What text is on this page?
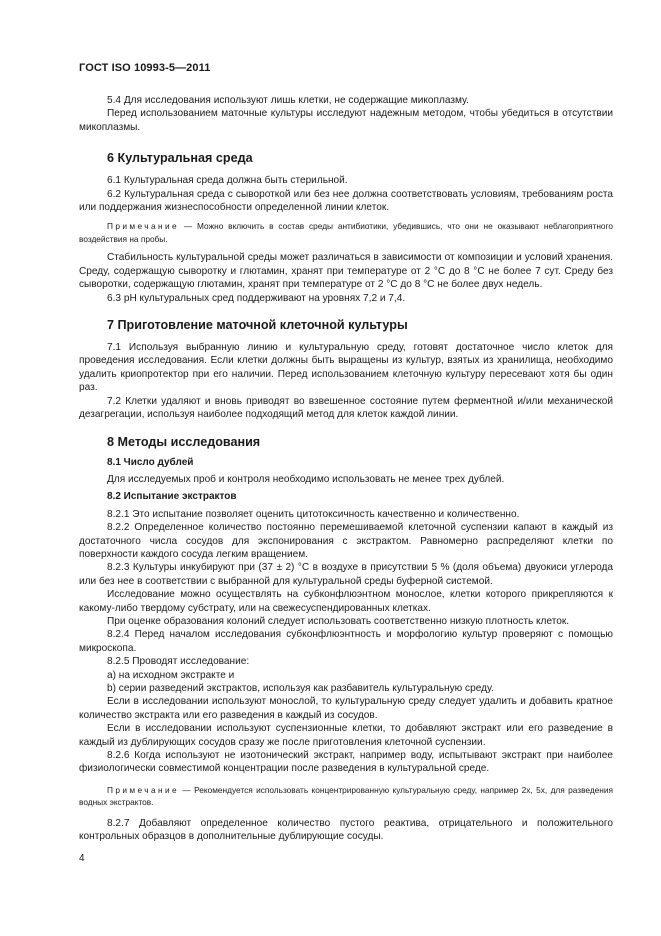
ГОСТ ISO 10993-5—2011

5.4 Для исследования используют лишь клетки, не содержащие микоплазму.

Перед использованием маточные культуры исследуют надежным методом, чтобы убедиться в отсутствии микоплазмы.

6 Культуральная среда

6.1 Культуральная среда должна быть стерильной.

6.2 Культуральная среда с сывороткой или без нее должна соответствовать условиям, требованиям роста или поддержания жизнеспособности определенной линии клеток.

Примечание — Можно включить в состав среды антибиотики, убедившись, что они не оказывают неблагоприятного воздействия на пробы.

Стабильность культуральной среды может различаться в зависимости от композиции и условий хранения. Среду, содержащую сыворотку и глютамин, хранят при температуре от 2 °С до 8 °С не более 7 сут. Среду без сыворотки, содержащую глютамин, хранят при температуре от 2 °С до 8 °С не более двух недель.

6.3 pH культуральных сред поддерживают на уровнях 7,2 и 7,4.

7 Приготовление маточной клеточной культуры

7.1 Используя выбранную линию и культуральную среду, готовят достаточное число клеток для проведения исследования. Если клетки должны быть выращены из культур, взятых из хранилища, необходимо удалить криопротектор при его наличии. Перед использованием клеточную культуру пересевают хотя бы один раз.

7.2 Клетки удаляют и вновь приводят во взвешенное состояние путем ферментной и/или механической дезагрегации, используя наиболее подходящий метод для клеток каждой линии.

8 Методы исследования
8.1 Число дублей

Для исследуемых проб и контроля необходимо использовать не менее трех дублей.

8.2 Испытание экстрактов

8.2.1 Это испытание позволяет оценить цитотоксичность качественно и количественно.

8.2.2 Определенное количество постоянно перемешиваемой клеточной суспензии капают в каждый из достаточного числа сосудов для экспонирования с экстрактом. Равномерно распределяют клетки по поверхности каждого сосуда легким вращением.

8.2.3 Культуры инкубируют при (37 ± 2) °С в воздухе в присутствии 5 % (доля объема) двуокиси углерода или без нее в соответствии с выбранной для культуральной среды буферной системой.

Исследование можно осуществлять на субконфлюэнтном монослое, клетки которого прикрепляются к какому-либо твердому субстрату, или на свежесуспендированных клетках.

При оценке образования колоний следует использовать соответственно низкую плотность клеток.

8.2.4 Перед началом исследования субконфлюэнтность и морфологию культур проверяют с помощью микроскопа.

8.2.5 Проводят исследование:

a) на исходном экстракте и

b) серии разведений экстрактов, используя как разбавитель культуральную среду.

Если в исследовании используют монослой, то культуральную среду следует удалить и добавить кратное количество экстракта или его разведения в каждый из сосудов.

Если в исследовании используют суспензионные клетки, то добавляют экстракт или его разведение в каждый из дублирующих сосудов сразу же после приготовления клеточной суспензии.

8.2.6 Когда используют не изотонический экстракт, например воду, испытывают экстракт при наиболее физиологически совместимой концентрации после разведения в культуральной среде.

Примечание — Рекомендуется использовать концентрированную культуральную среду, например 2х, 5х, для разведения водных экстрактов.

8.2.7 Добавляют определенное количество пустого реактива, отрицательного и положительного контрольных образцов в дополнительные дублирующие сосуды.

4
